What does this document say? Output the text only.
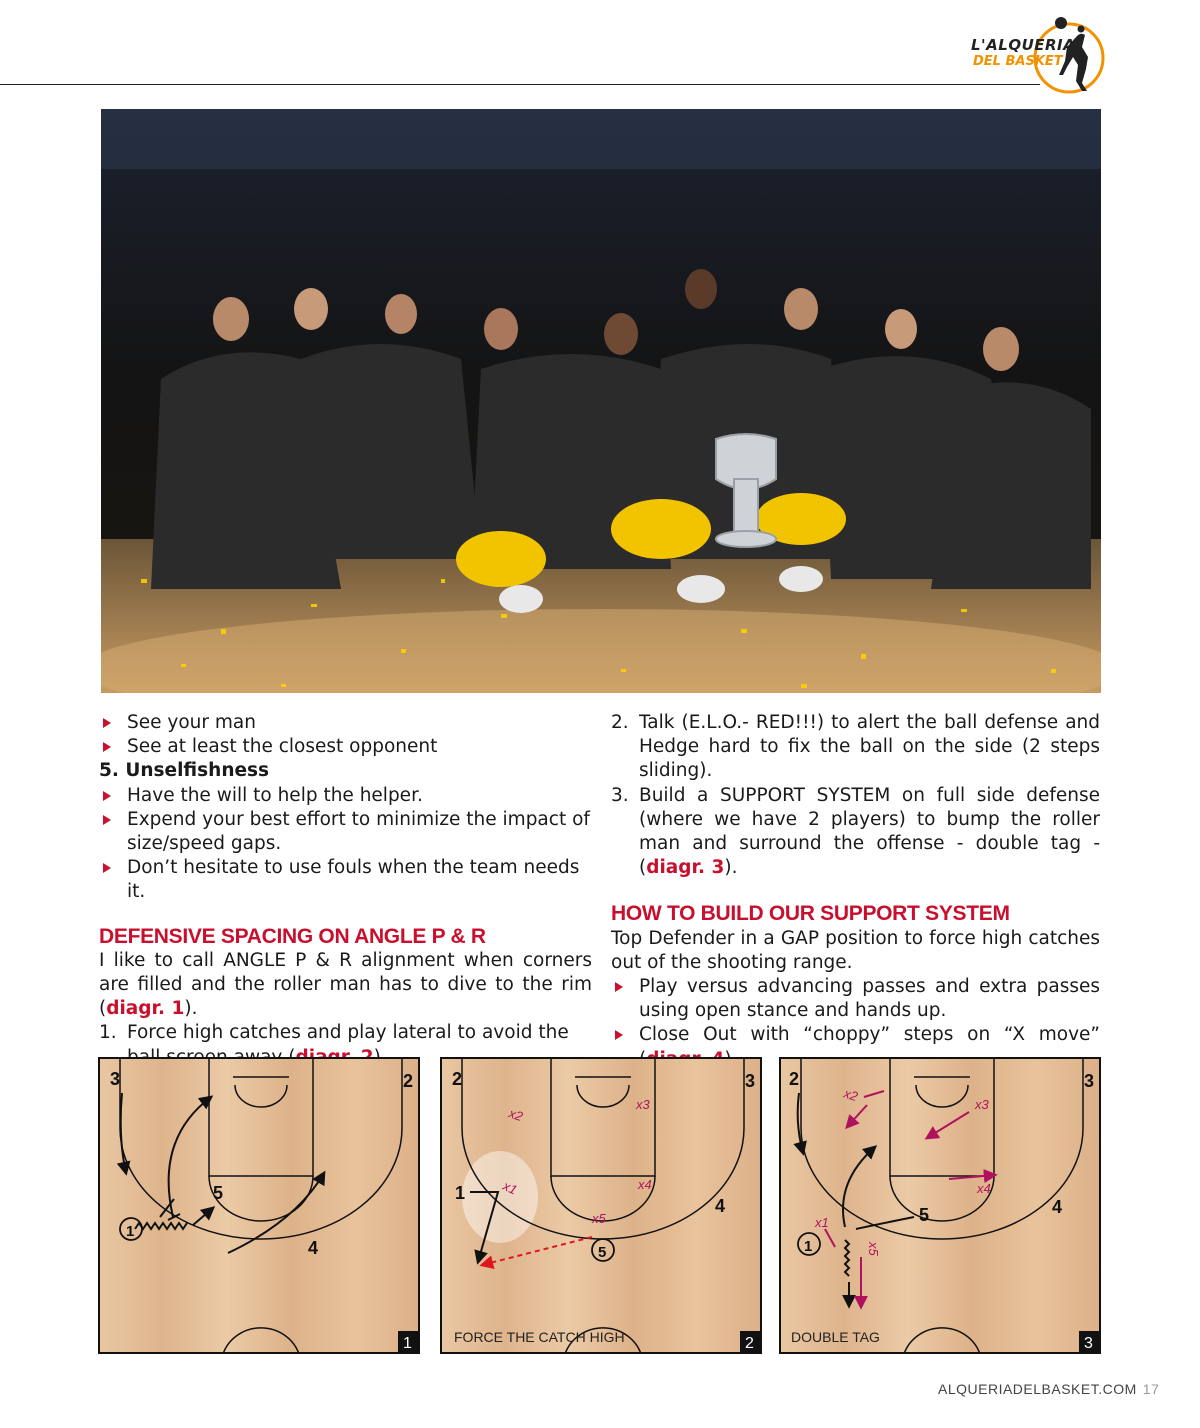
L'ALQUERIA
DEL BASKET
See your man
See at least the closest opponent
5. Unselfishness
Have the will to help the helper.
Expend your best effort to minimize the impact of size/speed gaps.
Don’t hesitate to use fouls when the team needs it.
DEFENSIVE SPACING ON ANGLE P & R
I like to call ANGLE P & R alignment when corners are filled and the roller man has to dive to the rim (diagr. 1).
1. Force high catches and play lateral to avoid the
2. Talk (E.L.O.- RED!!!) to alert the ball defense and Hedge hard to fix the ball on the side (2 steps sliding).
3. Build a SUPPORT SYSTEM on full side defense (where we have 2 players) to bump the roller man and surround the offense - double tag - (diagr. 3).
HOW TO BUILD OUR SUPPORT SYSTEM
Top Defender in a GAP position to force high catches out of the shooting range.
Play versus advancing passes and extra passes using open stance and hands up.
Close Out with “choppy” steps on “X move”
3	2
5
1
4
1
2	3
1
4
5
x2
x3
x1	x4
x5
FORCE THE CATCH HIGH	2
2	3
5	4
1
x2
x3
x4
x1
x5
DOUBLE TAG	3
ALQUERIADELBASKET.COM 17
